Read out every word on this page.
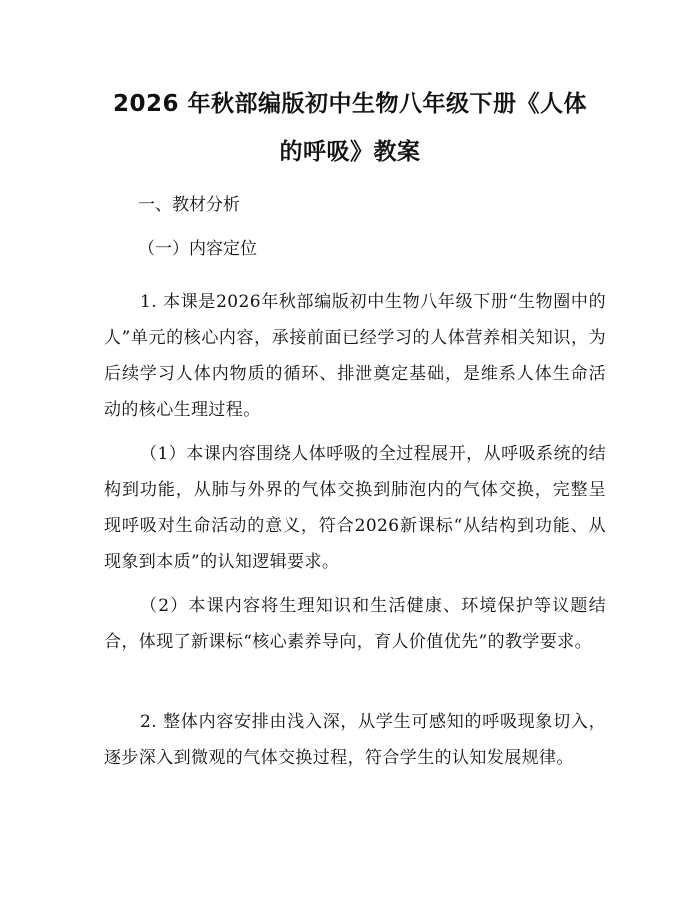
2026 年秋部编版初中生物八年级下册《人体
的呼吸》教案
一、教材分析
（一）内容定位
1. 本课是2026年秋部编版初中生物八年级下册“生物圈中的人”单元的核心内容，承接前面已经学习的人体营养相关知识，为后续学习人体内物质的循环、排泄奠定基础，是维系人体生命活动的核心生理过程。
（1）本课内容围绕人体呼吸的全过程展开，从呼吸系统的结构到功能，从肺与外界的气体交换到肺泡内的气体交换，完整呈现呼吸对生命活动的意义，符合2026新课标“从结构到功能、从现象到本质”的认知逻辑要求。
（2）本课内容将生理知识和生活健康、环境保护等议题结合，体现了新课标“核心素养导向，育人价值优先”的教学要求。
2. 整体内容安排由浅入深，从学生可感知的呼吸现象切入，逐步深入到微观的气体交换过程，符合学生的认知发展规律。
